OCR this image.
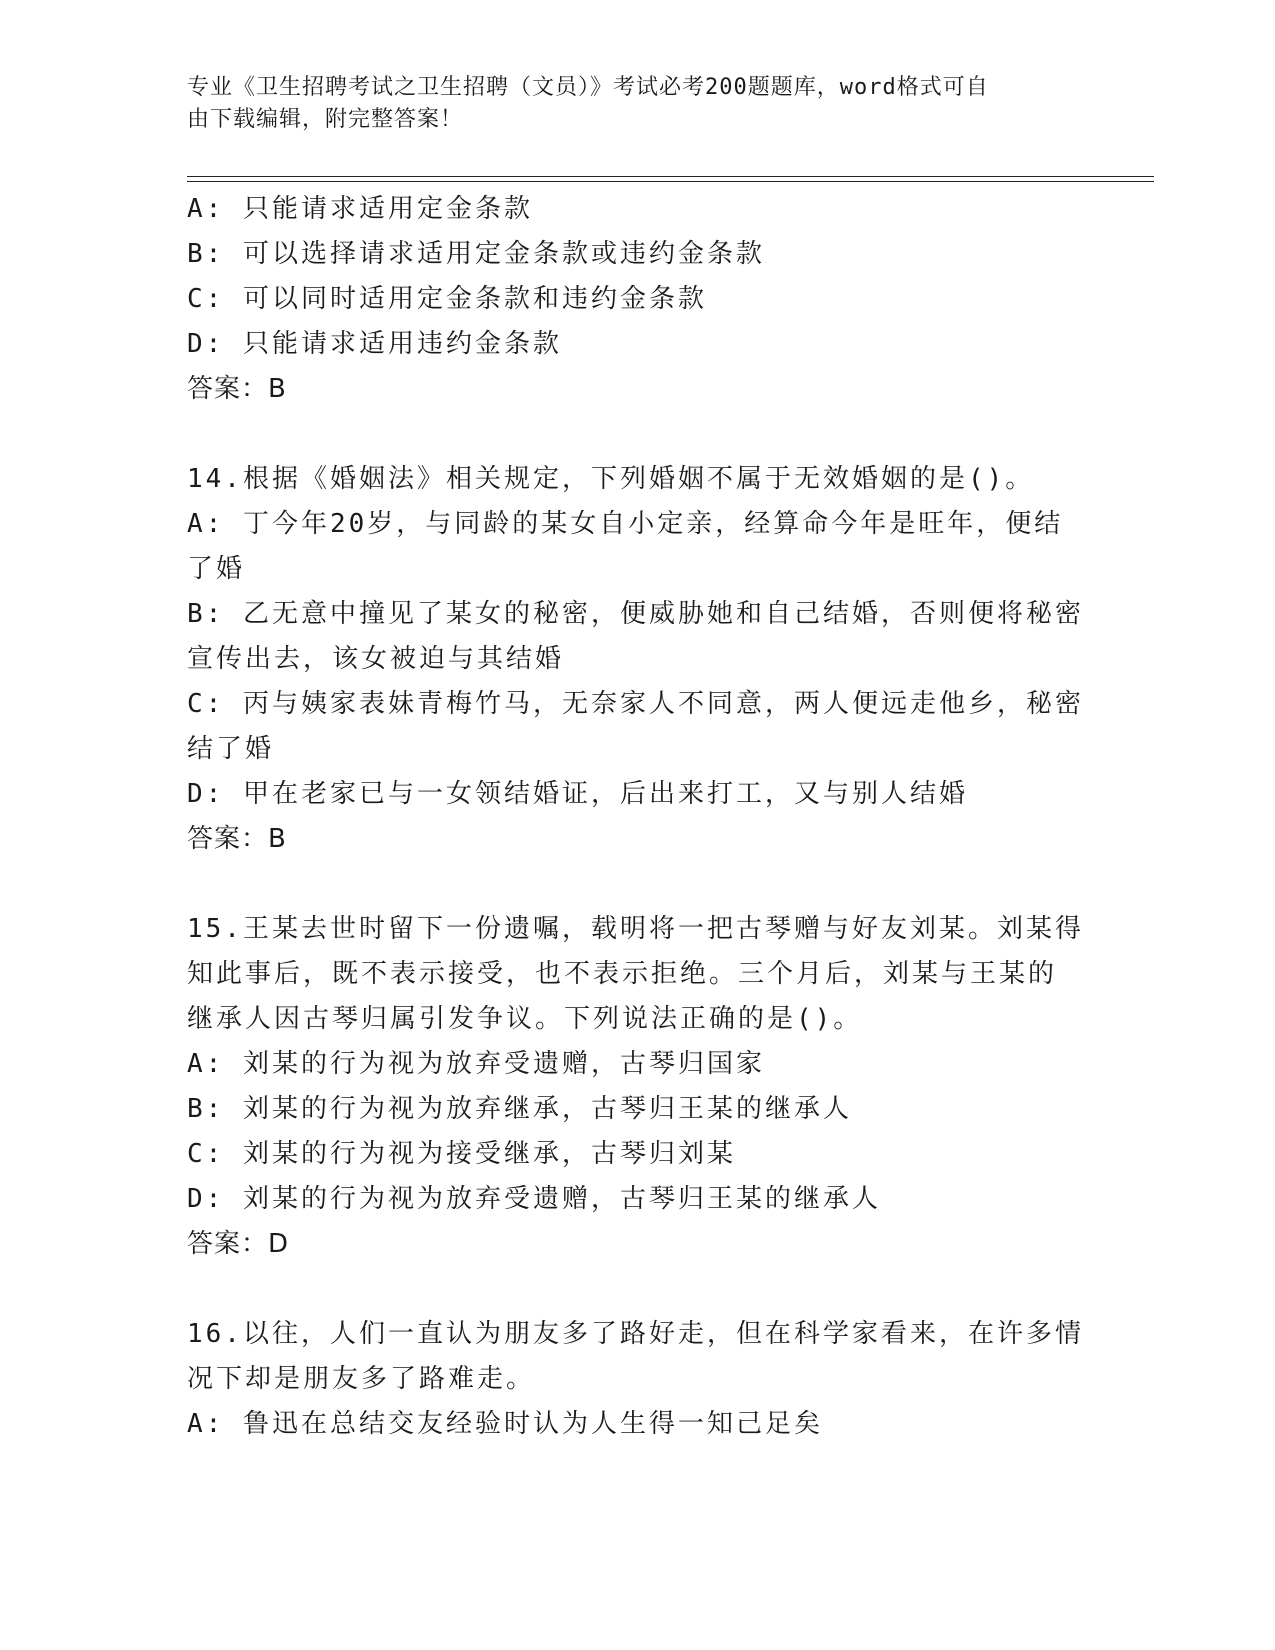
专业《卫生招聘考试之卫生招聘（文员）》考试必考200题题库，word格式可自
由下载编辑，附完整答案！
A: 只能请求适用定金条款
B: 可以选择请求适用定金条款或违约金条款
C: 可以同时适用定金条款和违约金条款
D: 只能请求适用违约金条款
答案：B
14.根据《婚姻法》相关规定，下列婚姻不属于无效婚姻的是()。
A: 丁今年20岁，与同龄的某女自小定亲，经算命今年是旺年，便结
了婚
B: 乙无意中撞见了某女的秘密，便威胁她和自己结婚，否则便将秘密
宣传出去，该女被迫与其结婚
C: 丙与姨家表妹青梅竹马，无奈家人不同意，两人便远走他乡，秘密
结了婚
D: 甲在老家已与一女领结婚证，后出来打工，又与别人结婚
答案：B
15.王某去世时留下一份遗嘱，载明将一把古琴赠与好友刘某。刘某得
知此事后，既不表示接受，也不表示拒绝。三个月后，刘某与王某的
继承人因古琴归属引发争议。下列说法正确的是()。
A: 刘某的行为视为放弃受遗赠，古琴归国家
B: 刘某的行为视为放弃继承，古琴归王某的继承人
C: 刘某的行为视为接受继承，古琴归刘某
D: 刘某的行为视为放弃受遗赠，古琴归王某的继承人
答案：D
16.以往，人们一直认为朋友多了路好走，但在科学家看来，在许多情
况下却是朋友多了路难走。
A: 鲁迅在总结交友经验时认为人生得一知己足矣
